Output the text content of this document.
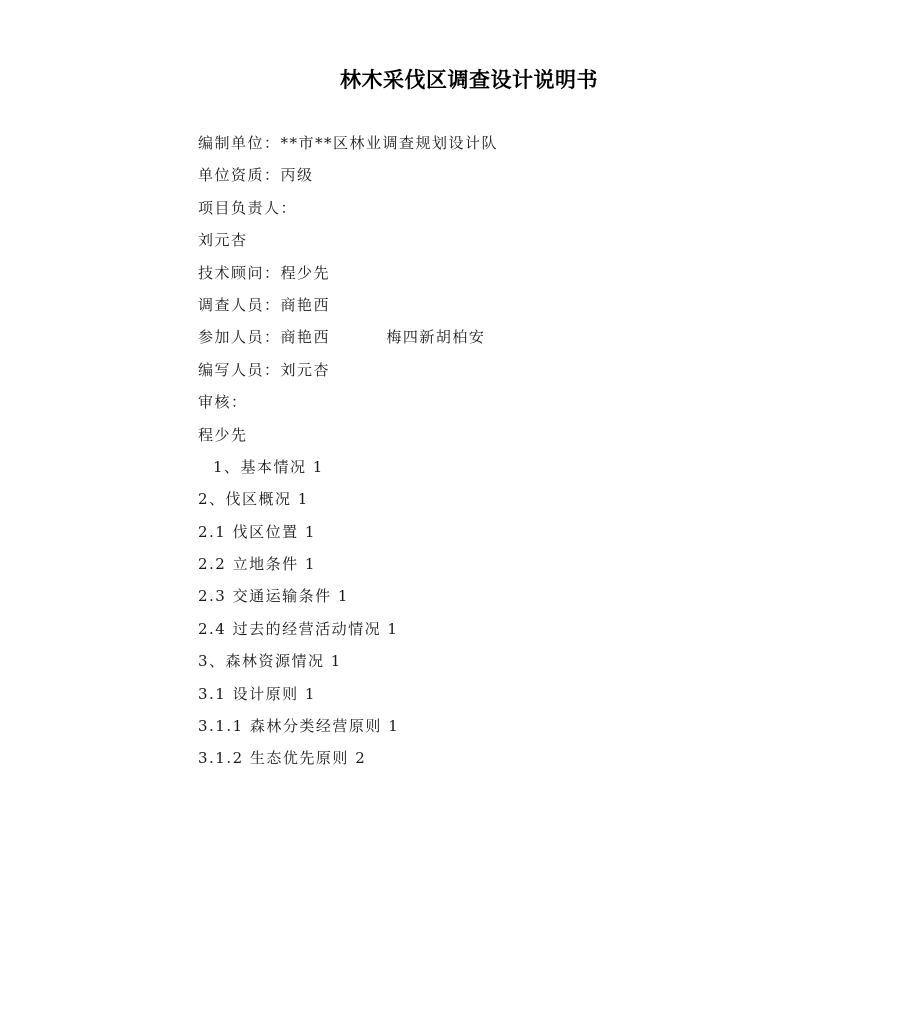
林木采伐区调查设计说明书
编制单位：**市**区林业调查规划设计队
单位资质：丙级
项目负责人：
刘元杏
技术顾问：程少先
调查人员：商艳西
参加人员：商艳西         梅四新胡柏安
编写人员：刘元杏
审核：
程少先
1、基本情况 1
2、伐区概况 1
2.1 伐区位置 1
2.2 立地条件 1
2.3 交通运输条件 1
2.4 过去的经营活动情况 1
3、森林资源情况 1
3.1 设计原则 1
3.1.1 森林分类经营原则 1
3.1.2 生态优先原则 2
